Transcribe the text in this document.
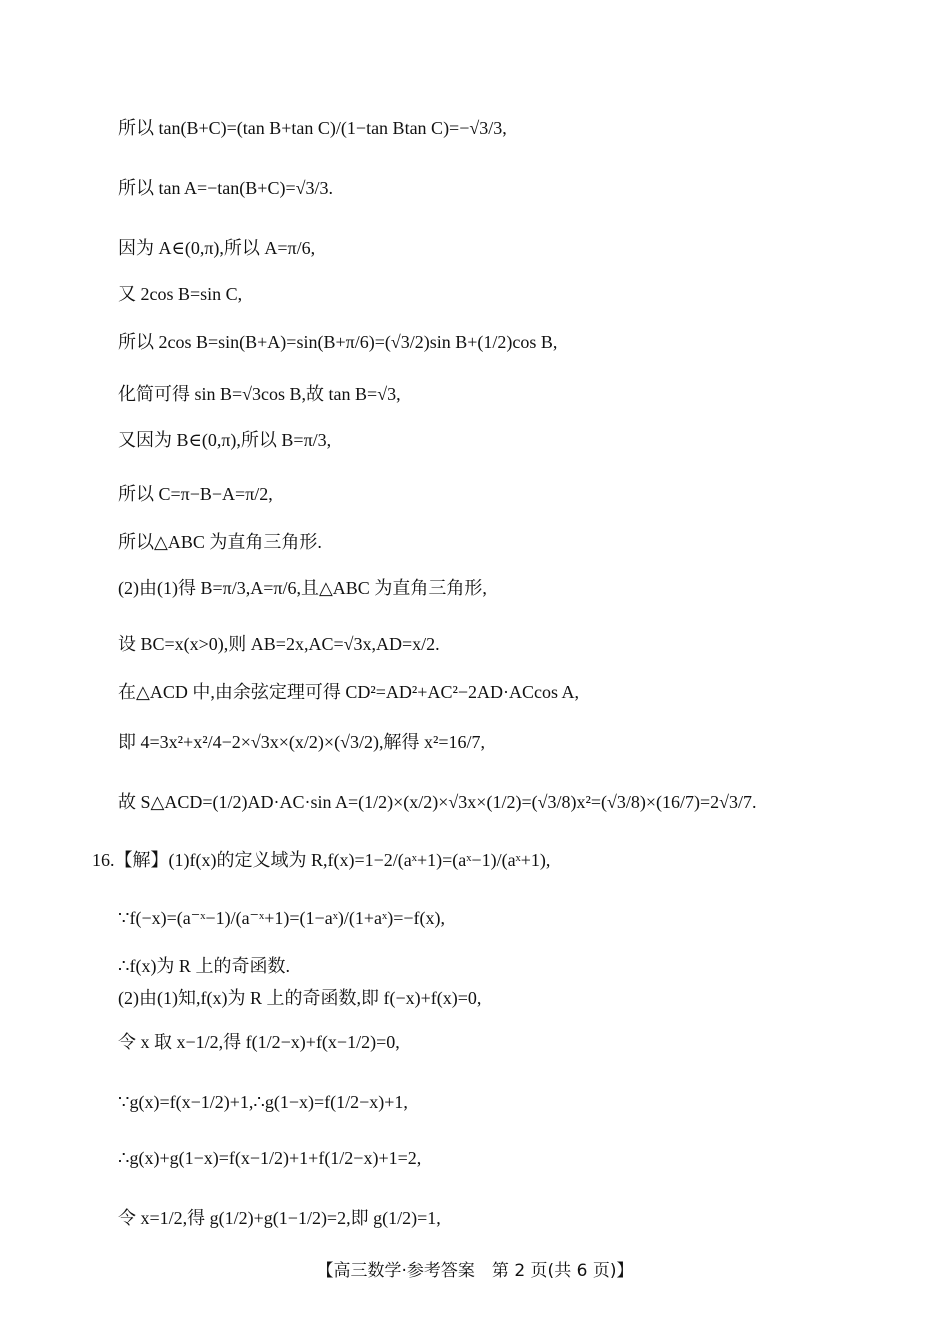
所以 tan(B+C)=(tan B+tan C)/(1−tan Btan C)=−√3/3,
所以 tan A=−tan(B+C)=√3/3.
因为 A∈(0,π),所以 A=π/6,
又 2cos B=sin C,
所以 2cos B=sin(B+A)=sin(B+π/6)=(√3/2)sin B+(1/2)cos B,
化简可得 sin B=√3cos B,故 tan B=√3,
又因为 B∈(0,π),所以 B=π/3,
所以 C=π−B−A=π/2,
所以△ABC 为直角三角形.
(2)由(1)得 B=π/3,A=π/6,且△ABC 为直角三角形,
设 BC=x(x>0),则 AB=2x,AC=√3x,AD=x/2.
在△ACD 中,由余弦定理可得 CD²=AD²+AC²−2AD·ACcos A,
即 4=3x²+x²/4−2×√3x×(x/2)×(√3/2),解得 x²=16/7,
故 S△ACD=(1/2)AD·AC·sin A=(1/2)×(x/2)×√3x×(1/2)=(√3/8)x²=(√3/8)×(16/7)=2√3/7.
16.【解】(1)f(x)的定义域为 R,f(x)=1−2/(aˣ+1)=(aˣ−1)/(aˣ+1),
∵f(−x)=(a⁻ˣ−1)/(a⁻ˣ+1)=(1−aˣ)/(1+aˣ)=−f(x),
∴f(x)为 R 上的奇函数.
(2)由(1)知,f(x)为 R 上的奇函数,即 f(−x)+f(x)=0,
令 x 取 x−1/2,得 f(1/2−x)+f(x−1/2)=0,
∵g(x)=f(x−1/2)+1,∴g(1−x)=f(1/2−x)+1,
∴g(x)+g(1−x)=f(x−1/2)+1+f(1/2−x)+1=2,
令 x=1/2,得 g(1/2)+g(1−1/2)=2,即 g(1/2)=1,
【高三数学·参考答案　第 2 页(共 6 页)】
